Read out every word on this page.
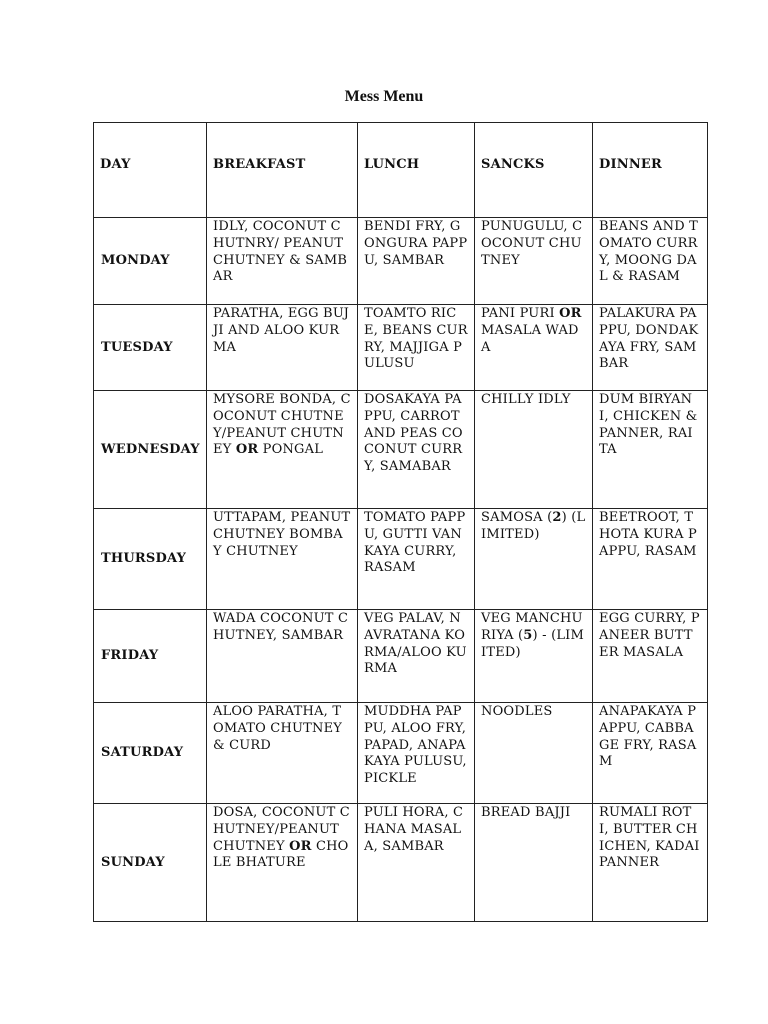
Mess Menu
DAY	BREAKFAST	LUNCH	SANCKS	DINNER
MONDAY	IDLY, COCONUT CHUTNRY/ PEANUT CHUTNEY & SAMBAR	BENDI FRY, GONGURA PAPPU, SAMBAR	PUNUGULU, COCONUT CHUTNEY	BEANS AND TOMATO CURRY, MOONG DAL & RASAM
TUESDAY	PARATHA, EGG BUJJI AND ALOO KURMA	TOAMTO RICE, BEANS CURRY, MAJJIGA PULUSU	PANI PURI OR MASALA WADA	PALAKURA PAPPU, DONDAKAYA FRY, SAMBAR
WEDNESDAY	MYSORE BONDA, COCONUT CHUTNEY/PEANUT CHUTNEY OR PONGAL	DOSAKAYA PAPPU, CARROT AND PEAS COCONUT CURRY, SAMABAR	CHILLY IDLY	DUM BIRYANI, CHICKEN & PANNER, RAITA
THURSDAY	UTTAPAM, PEANUT CHUTNEY BOMBAY CHUTNEY	TOMATO PAPPU, GUTTI VANKAYA CURRY, RASAM	SAMOSA (2) (LIMITED)	BEETROOT, THOTA KURA PAPPU, RASAM
FRIDAY	WADA COCONUT CHUTNEY, SAMBAR	VEG PALAV, NAVRATANA KORMA/ALOO KURMA	VEG MANCHURIYA (5) - (LIMITED)	EGG CURRY, PANEER BUTTER MASALA
SATURDAY	ALOO PARATHA, TOMATO CHUTNEY& CURD	MUDDHA PAPPU, ALOO FRY, PAPAD, ANAPAKAYA PULUSU, PICKLE	NOODLES	ANAPAKAYA PAPPU, CABBAGE FRY, RASAM
SUNDAY	DOSA, COCONUT CHUTNEY/PEANUT CHUTNEY OR CHOLE BHATURE	PULI HORA, CHANA MASALA, SAMBAR	BREAD BAJJI	RUMALI ROTI, BUTTER CHICHEN, KADAI PANNER
